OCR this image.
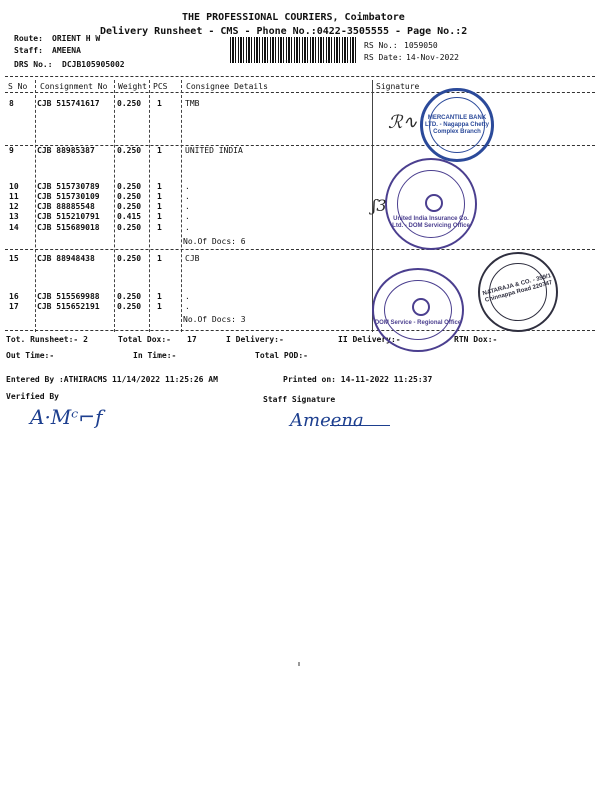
THE PROFESSIONAL COURIERS, Coimbatore
Delivery Runsheet - CMS - Phone No.:0422-3505555 - Page No.:2
Route: ORIENT H W
Staff: AMEENA
DRS No.: DCJB105905002
RS No.: 1059050
RS Date: 14-Nov-2022
S No Consignment No Weight PCS Consignee Details	Signature
8	CJB 515741617 0.250 1	TMB
9	CJB 88985387	0.250 1	UNITED INDIA
10 CJB 515730789 0.250 1	.
11 CJB 515730109 0.250 1	.
12 CJB 88885548	0.250 1	.
13 CJB 515210791 0.415 1	.
14 CJB 515689018 0.250 1	.
No.Of Docs: 6
15 CJB 88948438	0.250 1	CJB
16 CJB 515569988 0.250 1	.
17 CJB 515652191 0.250 1	.
No.Of Docs: 3
Tot. Runsheet:- 2	Total Dox:- 17	I Delivery:-	II Delivery:-	RTN Dox:-
Out Time:-	In Time:-	Total POD:-
Entered By :ATHIRACMS 11/14/2022 11:25:26 AM	Printed on: 14-11-2022 11:25:37
Verified By	Staff Signature
A·Mᶜ⌐f	Ameena
MERCANTILE BANK LTD. - Nagappa Chetty Complex Branch
ℛ∿
United India Insurance Co. Ltd. - DOM Servicing Office
ʃ3
NATARAJA & CO. - 399/1 Chinnappa Road 220747
DOM Service - Regional Office
